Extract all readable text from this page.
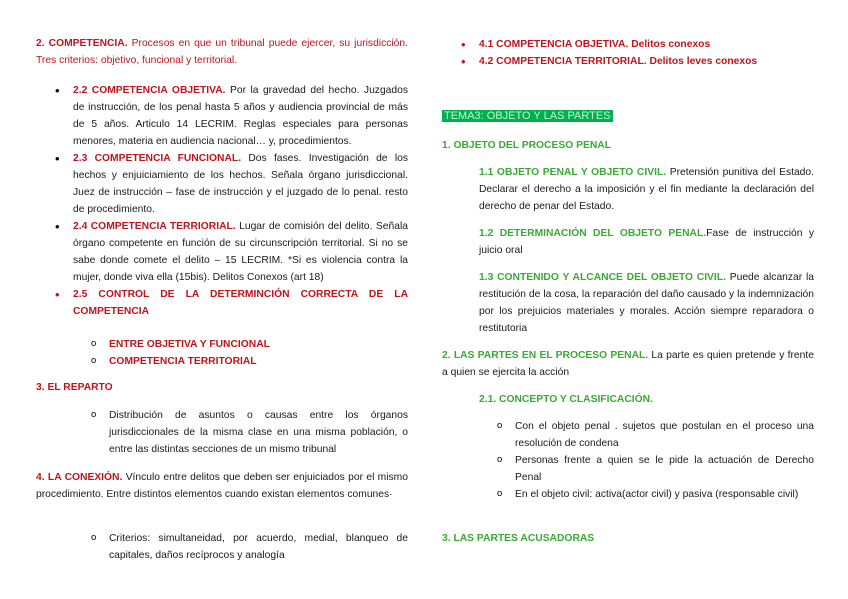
2. COMPETENCIA. Procesos en que un tribunal puede ejercer, su jurisdicción. Tres criterios: objetivo, funcional y territorial.

• 2.2 COMPETENCIA OBJETIVA. Por la gravedad del hecho. Juzgados de instrucción, de los penal hasta 5 años y audiencia provincial de más de 5 años. Articulo 14 LECRIM. Reglas especiales para personas menores, materia en audiencia nacional… y, procedimientos.
• 2.3 COMPETENCIA FUNCIONAL. Dos fases. Investigación de los hechos y enjuiciamiento de los hechos. Señala órgano jurisdiccional. Juez de instrucción – fase de instrucción y el juzgado de lo penal. resto de procedimiento.
• 2.4 COMPETENCIA TERRIORIAL. Lugar de comisión del delito. Señala órgano competente en función de su circunscripción territorial. Si no se sabe donde comete el delito – 15 LECRIM. *Si es violencia contra la mujer, donde viva ella (15bis). Delitos Conexos (art 18)
• 2.5 CONTROL DE LA DETERMINCIÓN CORRECTA DE LA COMPETENCIA
o ENTRE OBJETIVA Y FUNCIONAL
o COMPETENCIA TERRITORIAL

3. EL REPARTO

o Distribución de asuntos o causas entre los órganos jurisdiccionales de la misma clase en una misma población, o entre las distintas secciones de un mismo tribunal

4. LA CONEXIÓN. Vínculo entre delitos que deben ser enjuiciados por el mismo procedimiento. Entre distintos elementos cuando existan elementos comunes·

o Criterios: simultaneidad, por acuerdo, medial, blanqueo de capitales, daños recíprocos y analogía
• 4.1 COMPETENCIA OBJETIVA. Delitos conexos
• 4.2 COMPETENCIA TERRITORIAL. Delitos leves conexos

TEMA3: OBJETO Y LAS PARTES

1. OBJETO DEL PROCESO PENAL

1.1 OBJETO PENAL Y OBJETO CIVIL. Pretensión punitiva del Estado. Declarar el derecho a la imposición y el fin mediante la declaración del derecho de penar del Estado.

1.2 DETERMINACIÓN DEL OBJETO PENAL.Fase de instrucción y juicio oral

1.3 CONTENIDO Y ALCANCE DEL OBJETO CIVIL. Puede alcanzar la restitución de la cosa, la reparación del daño causado y la indemnización por los prejuicios materiales y morales. Acción siempre reparadora o restitutoria

2. LAS PARTES EN EL PROCESO PENAL. La parte es quien pretende y frente a quien se ejercita la acción

2.1. CONCEPTO Y CLASIFICACIÓN.

o Con el objeto penal . sujetos que postulan en el proceso una resolución de condena
o Personas frente a quien se le pide la actuación de Derecho Penal
o En el objeto civil: activa(actor civil) y pasiva (responsable civil)

3. LAS PARTES ACUSADORAS
